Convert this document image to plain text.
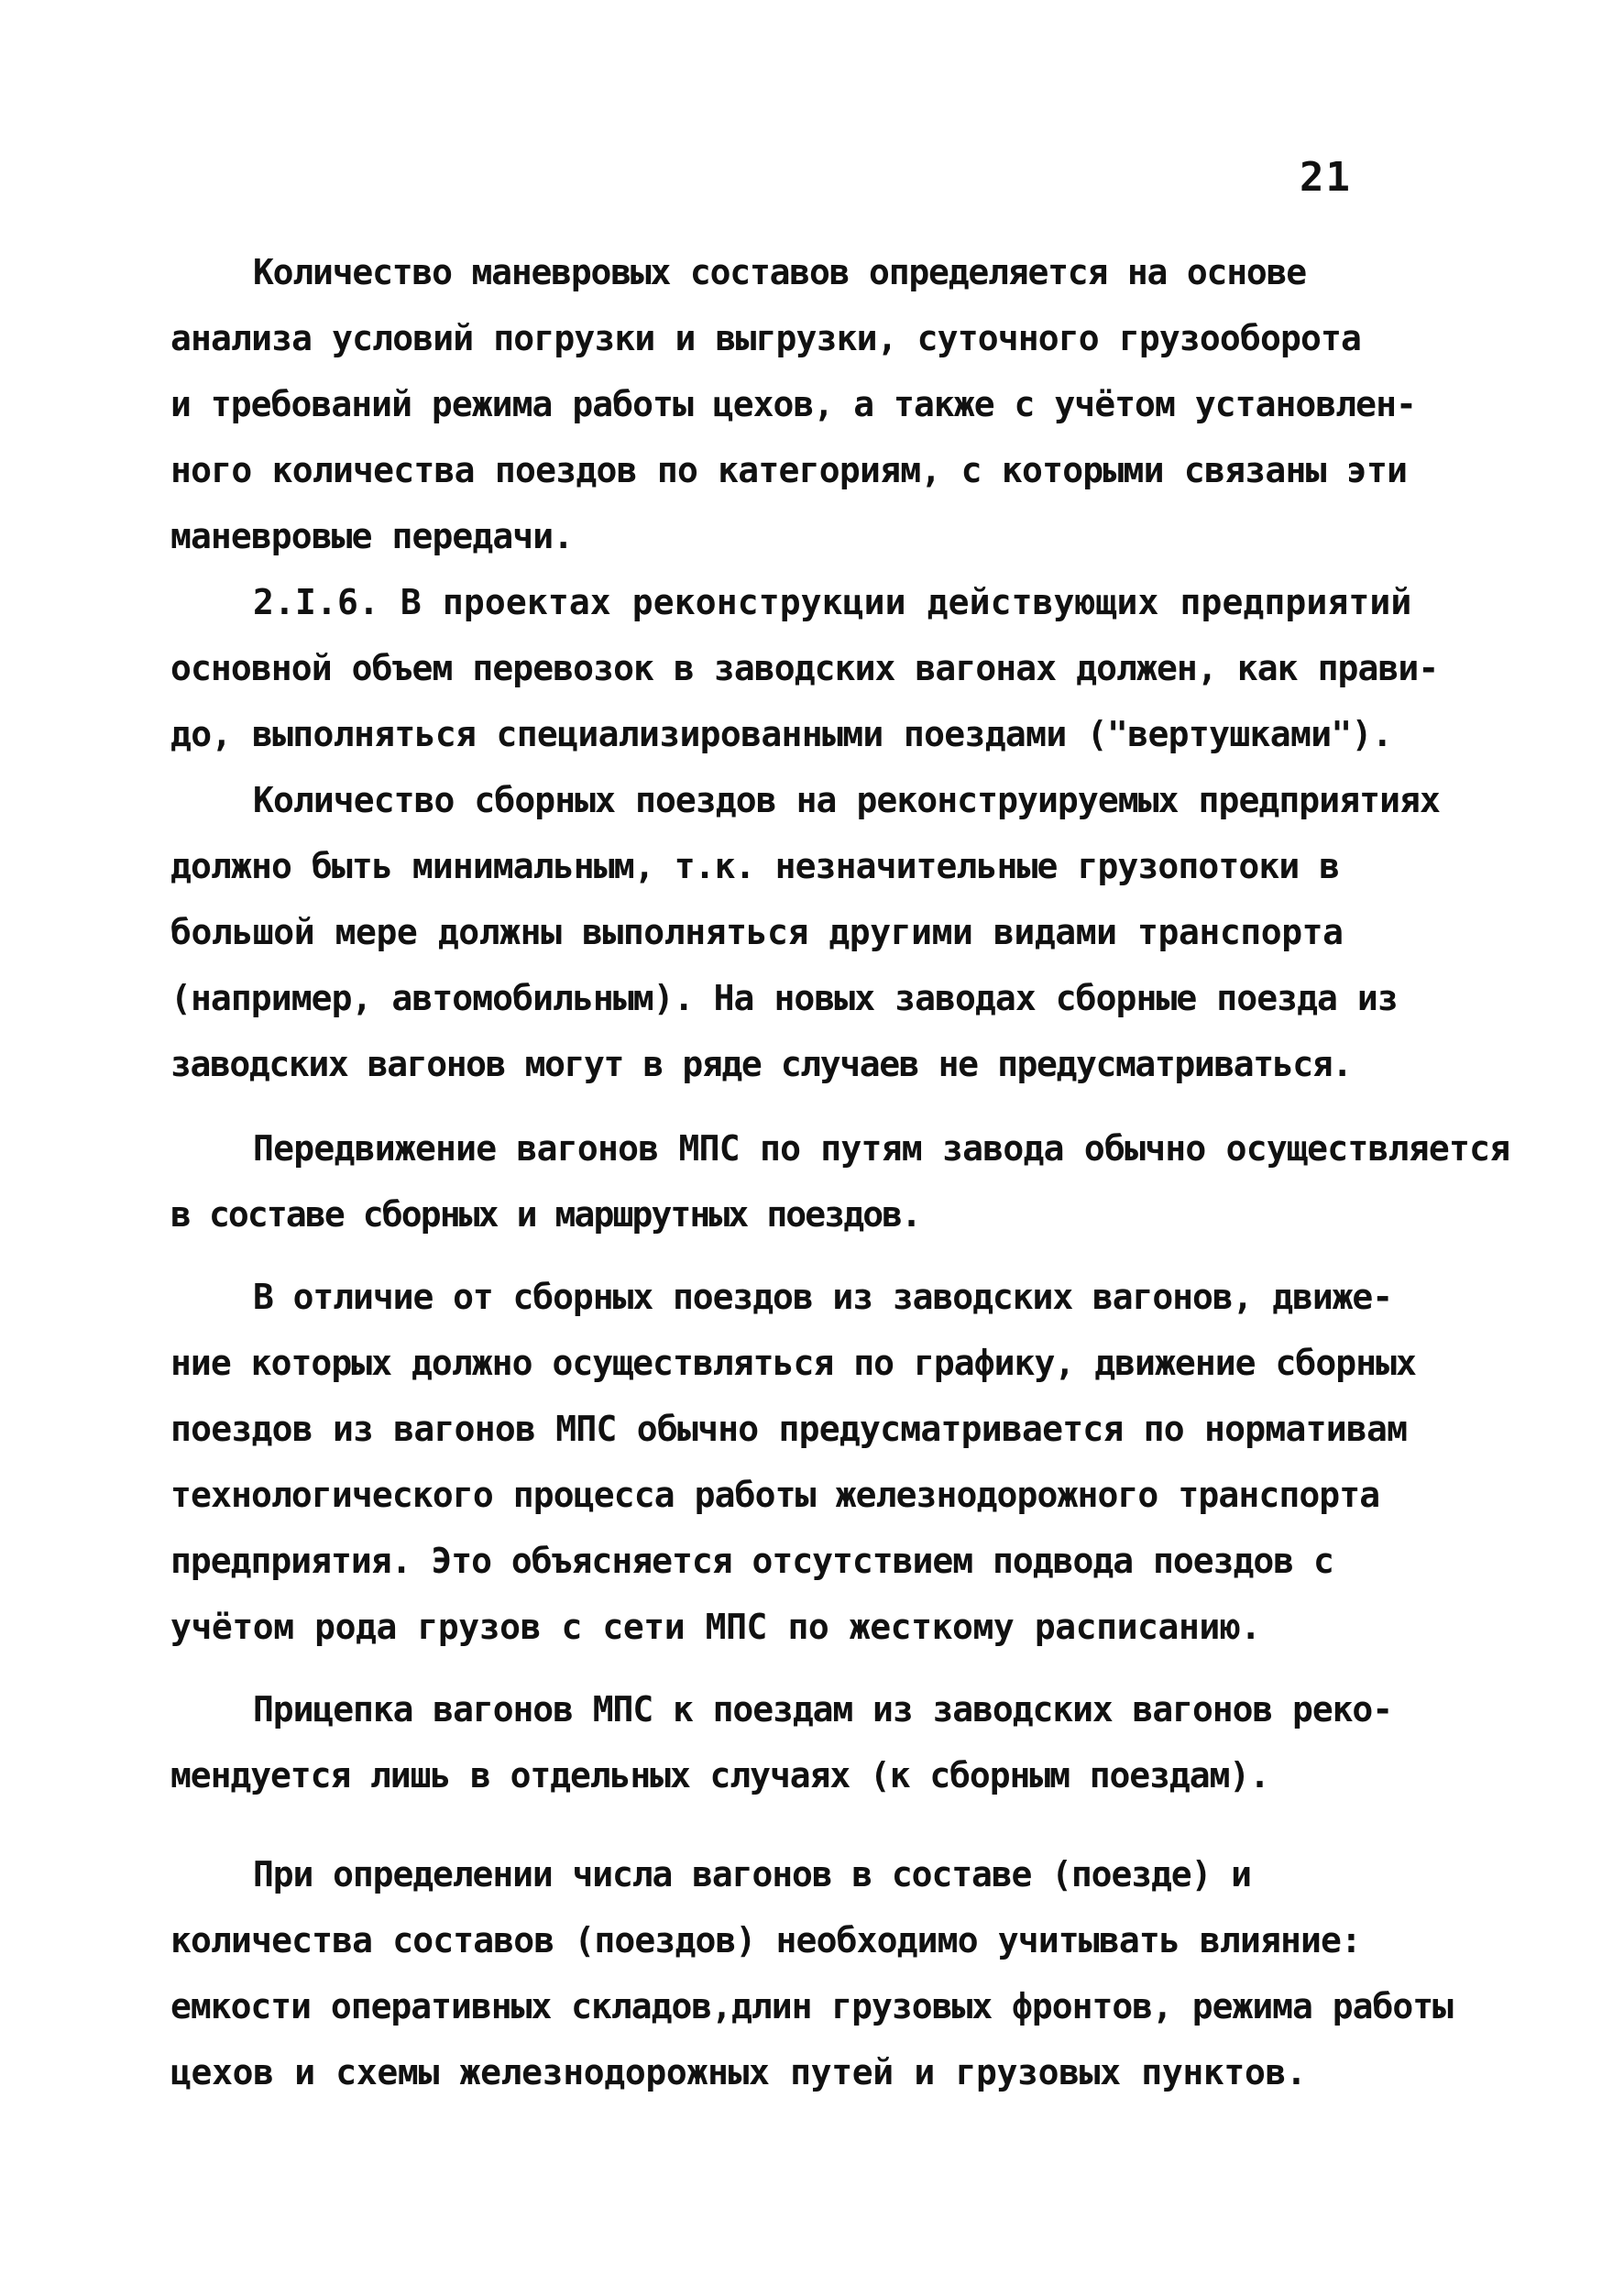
21
Количество маневровых составов определяется на основе
анализа условий погрузки и выгрузки, суточного грузооборота
и требований режима работы цехов, а также с учётом установлен-
ного количества поездов по категориям, с которыми связаны эти
маневровые передачи.
2.I.6. В проектах реконструкции действующих предприятий
основной объем перевозок в заводских вагонах должен, как прави-
до, выполняться специализированными поездами ("вертушками").
Количество сборных поездов на реконструируемых предприятиях
должно быть минимальным, т.к. незначительные грузопотоки в
большой мере должны выполняться другими видами транспорта
(например, автомобильным). На новых заводах сборные поезда из
заводских вагонов могут в ряде случаев не предусматриваться.
Передвижение вагонов МПС по путям завода обычно осуществляется
в составе сборных и маршрутных поездов.
В отличие от сборных поездов из заводских вагонов, движе-
ние которых должно осуществляться по графику, движение сборных
поездов из вагонов МПС обычно предусматривается по нормативам
технологического процесса работы железнодорожного транспорта
предприятия. Это объясняется отсутствием подвода поездов с
учётом рода грузов с сети МПС по жесткому расписанию.
Прицепка вагонов МПС к поездам из заводских вагонов реко-
мендуется лишь в отдельных случаях (к сборным поездам).
При определении числа вагонов в составе (поезде) и
количества составов (поездов) необходимо учитывать влияние:
емкости оперативных складов,длин грузовых фронтов, режима работы
цехов и схемы железнодорожных путей и грузовых пунктов.
